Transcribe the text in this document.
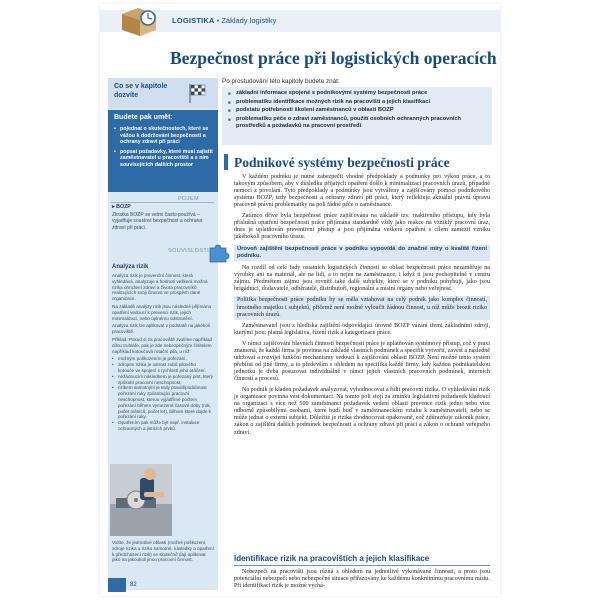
LOGISTIKA ▪ Základy logistiky
Bezpečnost práce při logistických operacích
Co se v kapitole dozvíte
Budete pak umět:
• pojednat o skutečnostech, které se vážou k dodržování bezpečnosti a ochrany zdraví při práci
• popsat požadavky, které musí zajistit zaměstnavatel u pracoviště a s ním souvisejících dalších prostor
POJEM
▸ BOZP
Zkratka BOZP se velmi často používá – vyjadřuje souslovi bezpečnost a ochrana zdraví při práci.
SOUVISLOSTI
Analýza rizik

Analýza rizik je prevenční činnost, která vyhledává, analyzuje a hodnotí veškerá možná rizika ohrožení zdraví a života pracovníků realizujících svoji činnost ve prospěch dané organizace.

Na základě analýzy rizik jsou následně přijímána opatření vedoucí k prevenci rizik, jejich minimalizaci, nebo úplnému odstranění.

Analýza rizik lze aplikovat v podstatě na jakékoli pracoviště.

Příklad: Pokud si za pracoviště zvolíme například dílnu truhláře, pak je zde nebezpečným činitelem například kotoučová rotační pila, u níž:

• možným poškozením je pořezání,

• zdrojem rizika je ostrost zubů pilového kotouče ve spojení s rychlostí jeho otáčení,

• nežádoucím následkem je pořezaný prst, který způsobí pracovní neschopnost,

• rizikem samotným je tedy pravděpodobnost pořezání ruky způsobující pracovní neschopnost, kterou vyjádříme počtem pořezání během vymezené časové doby (rok, počet měsíců, počet let), během které dojde k pořezání ruky.

• Opatřením pak může být např. instalace ochranných a jistících prvků.

Vidíte, že jednotlivé oblasti (možné poškození, zdroje rizika a riziko samotné, následky a opatření k předcházení rizik) se skutečně dají aplikovat jako na jakoukoli jinou pracovní činnost.
82
Po prostudování této kapitoly budete znát:
■ základní informace spojené s podnikovými systémy bezpečnosti práce
■ problematiku identifikace možných rizik na pracovišti a jejich klasifikaci
■ podstatu potřebnosti školení zaměstnanců v oblasti BOZP
■ problematiku péče o zdraví zaměstnanců, použití osobních ochranných pracovních prostředků a požadavků na pracovní prostředí
Podnikové systémy bezpečnosti práce

V každém podniku je nutné zabezpečit vhodné předpoklady a podmínky pro výkon práce, a to takovým způsobem, aby v důsledku přijatých opatření došlo k minimalizaci pracovních úrazů, případně nemocí z povolání. Tyto předpoklady a podmínky jsou vytvářeny a zajišťovány pomocí podnikového systému BOZP, tedy bezpečnosti a ochrany zdraví při práci, který reflektuje aktuální právní úpravu pracovně právní problematiky na poli řádné péče o zaměstnance.

Zatímco dříve byla bezpečnost práce zajišťována na základě tzv. reaktivního přístupu, kdy byla příslušná opatření bezpečnosti práce přijímána standardně vždy jako reakce na vzniklý pracovní úraz, dnes je uplatňován preventivní přístup a jsou přijímána veškerá opatření s cílem zamezit vzniku jakéhokoli pracovního úrazu.

Úroveň zajištění bezpečnosti práce v podniku vypovídá do značné míry o kvalitě řízení podniku.

Na rozdíl od celé řady ostatních logistických činností se oblast bezpečnosti práce nezaměřuje na výrobky ani na materiál, ale na lidi, a to nejen na zaměstnance, i když ti jsou pochopitelně v centru zájmu. Předmětem zájmu jsou rovněž také další subjekty, které se v podniku pohybují, jako jsou brigádníci, dodavatelé, odběratelé, distributoři, regionální a místní orgány nebo veřejnost.

Politika bezpečnosti práce podniku by se měla vztahovat na celý podnik jako komplex činností, hmotného majetku i subjektů, přičemž není možné vyloučit žádnou činnost, u níž může brozit riziko pracovních úrazů.

Zaměstnavatel jsou z hlediska zajištění odpovídající úrovně BOZP vázáni třemi základními zdroji, kterými jsou: platná legislativa, řízení rizik a kategorizace práce.

V rámci zajišťování hlavních činností bezpečnosti práce je uplatňován systémový přístup, což v praxi znamená, že každá firma je povinna na základě vlastních podmínek a specifik vytvořit, zavést a následně udržovat a rozvíjet funkční mechanismy vedoucí k zajišťování oblasti BOZP. Není možné tento systém přebírat od jiné firmy, a to především s ohledem na specifika každé firmy, kdy každou podnikatelskou jednotku je třeba posuzovat individuálně v rámci jejích vlastních pracovních podmínek, interních činností a procesů.

Na podnik je kladen požadavek analyzovat, vyhodnocovat a řídit pracovní rizika. O vyhledávání rizik je organizace povinna vést dokumentaci. Na tomto poli stojí za zmínku legislativní požadavek kladoucí na organizaci s více než 500 zaměstnanci požadavek vedení oblasti prevence rizik jedno nebo více odborně způsobilými osobami, které budí buď v zaměstnaneckém vztahu k zaměstnavateli, nebo se může jednat o externí subjekt. Důležité je rizika zhodnocovat opakovaně, což zdůrazňuje zákoník práce, zákon o zajištění dalších podmínek bezpečnosti a ochrany zdraví při práci a zákon o ochraně veřejného zdraví.

Identifikace rizik na pracovištích a jejich klasifikace

Nebezpečí na pracovišti jsou různá s ohledem na jednotlivé vykonávané činnosti, a proto jsou potenciální nebezpečí nebo nebezpečné situace přiřazovány ke každému konkrétnímu pracovnímu místu. Při identifikaci rizik je možné vychá-
